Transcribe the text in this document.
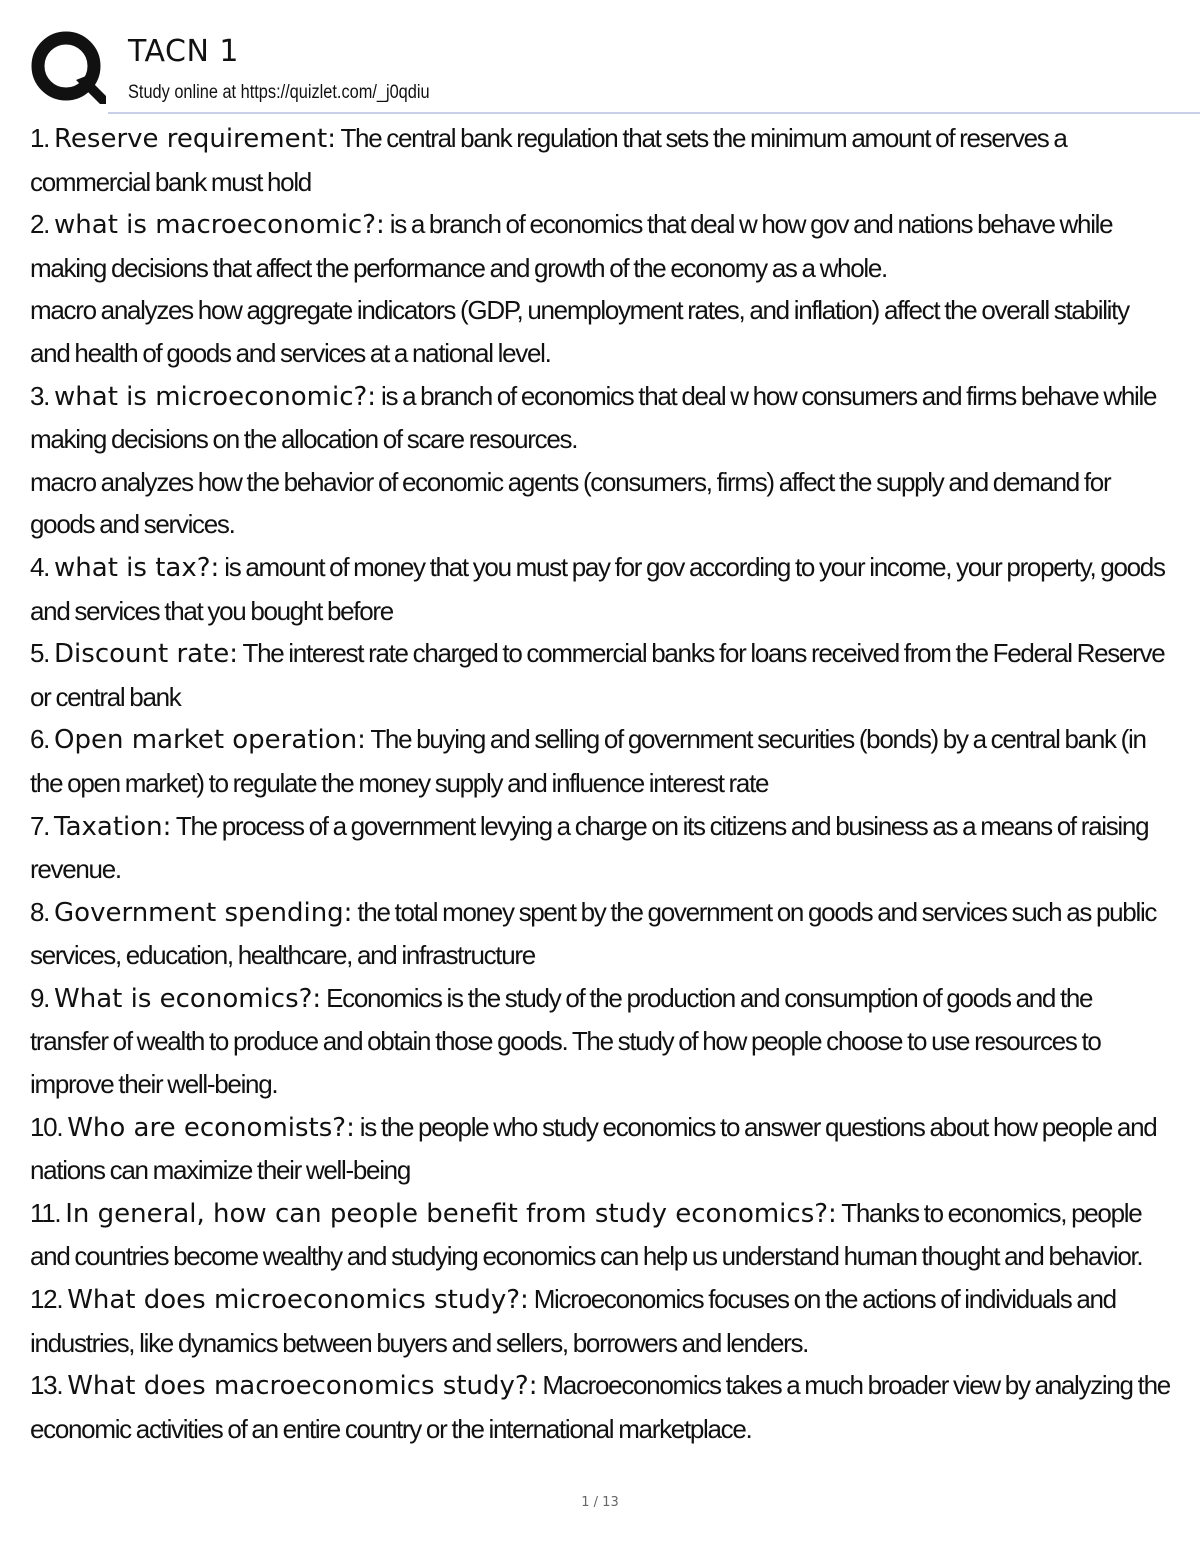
TACN 1
Study online at https://quizlet.com/_j0qdiu

1. Reserve requirement: The central bank regulation that sets the minimum amount of reserves a commercial bank must hold

2. what is macroeconomic?: is a branch of economics that deal w how gov and nations behave while making decisions that affect the performance and growth of the economy as a whole.
macro analyzes how aggregate indicators (GDP, unemployment rates, and inflation) affect the overall stability and health of goods and services at a national level.

3. what is microeconomic?: is a branch of economics that deal w how consumers and firms behave while making decisions on the allocation of scare resources.
macro analyzes how the behavior of economic agents (consumers, firms) affect the supply and demand for goods and services.

4. what is tax?: is amount of money that you must pay for gov according to your income, your property, goods and services that you bought before

5. Discount rate: The interest rate charged to commercial banks for loans received from the Federal Reserve or central bank

6. Open market operation: The buying and selling of government securities (bonds) by a central bank (in the open market) to regulate the money supply and influence interest rate

7. Taxation: The process of a government levying a charge on its citizens and business as a means of raising revenue.

8. Government spending: the total money spent by the government on goods and services such as public services, education, healthcare, and infrastructure

9. What is economics?: Economics is the study of the production and consumption of goods and the transfer of wealth to produce and obtain those goods. The study of how people choose to use resources to improve their well-being.

10. Who are economists?: is the people who study economics to answer questions about how people and nations can maximize their well-being

11. In general, how can people benefit from study economics?: Thanks to economics, people and countries become wealthy and studying economics can help us understand human thought and behavior.

12. What does microeconomics study?: Microeconomics focuses on the actions of individuals and industries, like dynamics between buyers and sellers, borrowers and lenders.

13. What does macroeconomics study?: Macroeconomics takes a much broader view by analyzing the economic activities of an entire country or the international marketplace.

1 / 13
